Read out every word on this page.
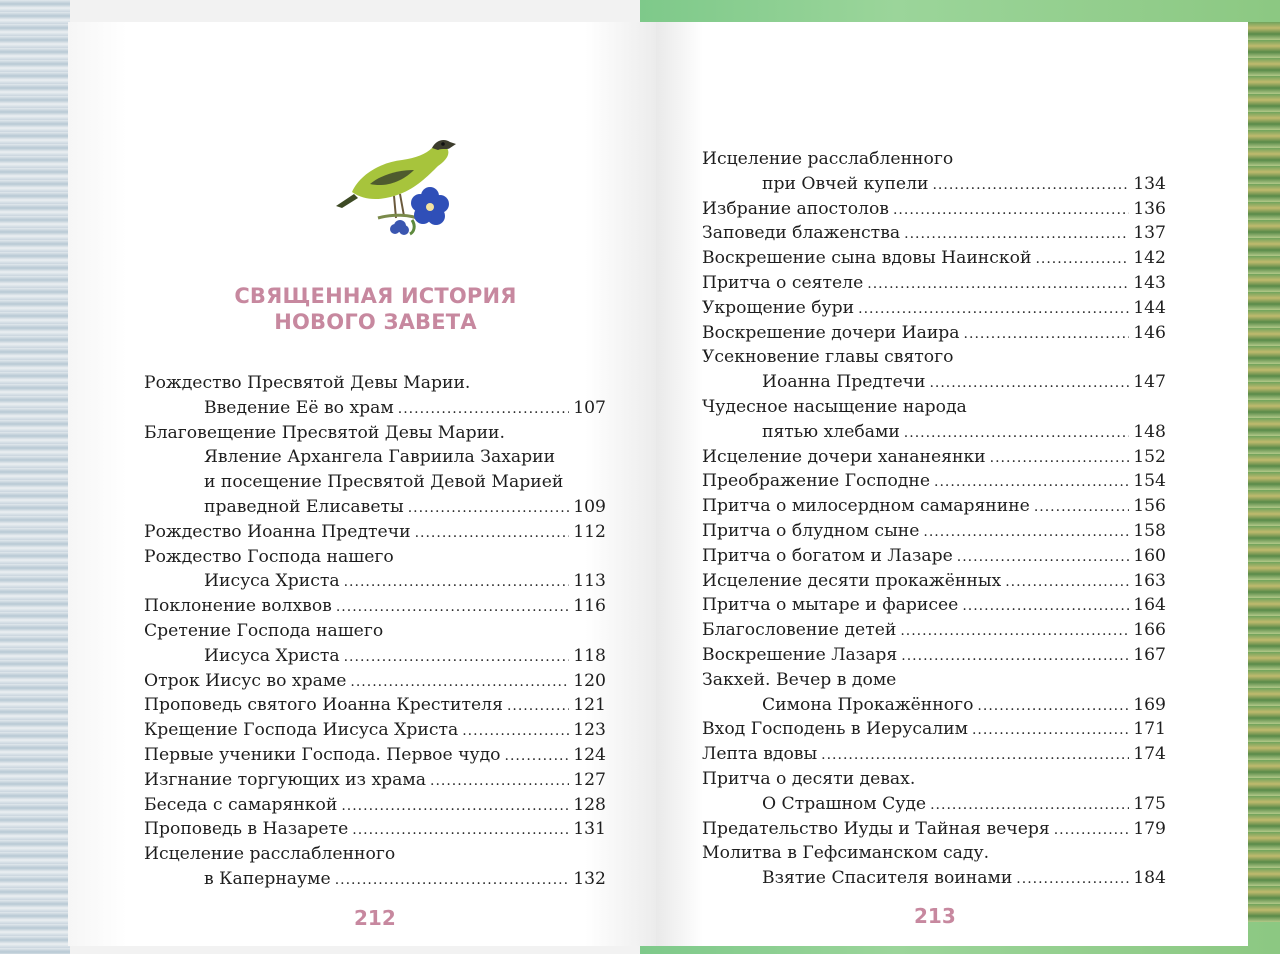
СВЯЩЕННАЯ ИСТОРИЯ
НОВОГО ЗАВЕТА
Рождество Пресвятой Девы Марии.
Введение Её во храм .....	107
Благовещение Пресвятой Девы Марии.
Явление Архангела Гавриила Захарии
и посещение Пресвятой Девой Марией
праведной Елисаветы .....	109
Рождество Иоанна Предтечи .....	112
Рождество Господа нашего
Иисуса Христа .....	113
Поклонение волхвов .....	116
Сретение Господа нашего
Иисуса Христа .....	118
Отрок Иисус во храме .....	120
Проповедь святого Иоанна Крестителя .....	121
Крещение Господа Иисуса Христа .....	123
Первые ученики Господа. Первое чудо .....	124
Изгнание торгующих из храма .....	127
Беседа с самарянкой .....	128
Проповедь в Назарете .....	131
Исцеление расслабленного
в Капернауме .....	132
212
Исцеление расслабленного
при Овчей купели .....	134
Избрание апостолов .....	136
Заповеди блаженства .....	137
Воскрешение сына вдовы Наинской .....	142
Притча о сеятеле .....	143
Укрощение бури .....	144
Воскрешение дочери Иаира .....	146
Усекновение главы святого
Иоанна Предтечи .....	147
Чудесное насыщение народа
пятью хлебами .....	148
Исцеление дочери хананеянки .....	152
Преображение Господне .....	154
Притча о милосердном самарянине .....	156
Притча о блудном сыне .....	158
Притча о богатом и Лазаре .....	160
Исцеление десяти прокажённых .....	163
Притча о мытаре и фарисее .....	164
Благословение детей .....	166
Воскрешение Лазаря .....	167
Закхей. Вечер в доме
Симона Прокажённого .....	169
Вход Господень в Иерусалим .....	171
Лепта вдовы .....	174
Притча о десяти девах.
О Страшном Суде .....	175
Предательство Иуды и Тайная вечеря .....	179
Молитва в Гефсиманском саду.
Взятие Спасителя воинами .....	184
213
